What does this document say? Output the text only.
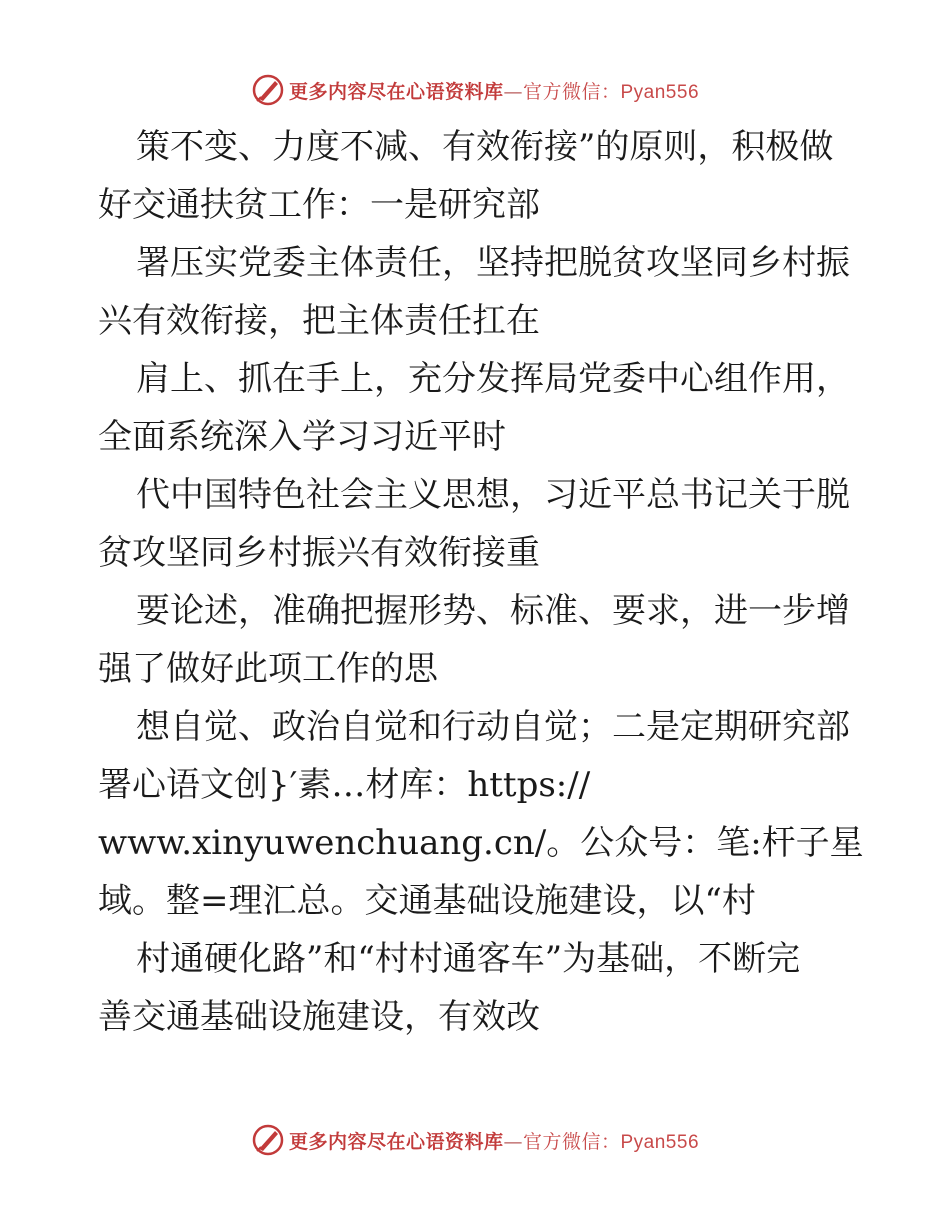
更多内容尽在心语资料库—官方微信：Pyan556
策不变、力度不减、有效衔接”的原则，积极做
好交通扶贫工作：一是研究部
署压实党委主体责任，坚持把脱贫攻坚同乡村振
兴有效衔接，把主体责任扛在
肩上、抓在手上，充分发挥局党委中心组作用，
全面系统深入学习习近平时
代中国特色社会主义思想，习近平总书记关于脱
贫攻坚同乡村振兴有效衔接重
要论述，准确把握形势、标准、要求，进一步增
强了做好此项工作的思
想自觉、政治自觉和行动自觉；二是定期研究部
署心语文创}′素…材库：https://
www.xinyuwenchuang.cn/。公众号：笔:杆子星
域。整=理汇总。交通基础设施建设，以“村
村通硬化路”和“村村通客车”为基础，不断完
善交通基础设施建设，有效改
更多内容尽在心语资料库—官方微信：Pyan556
